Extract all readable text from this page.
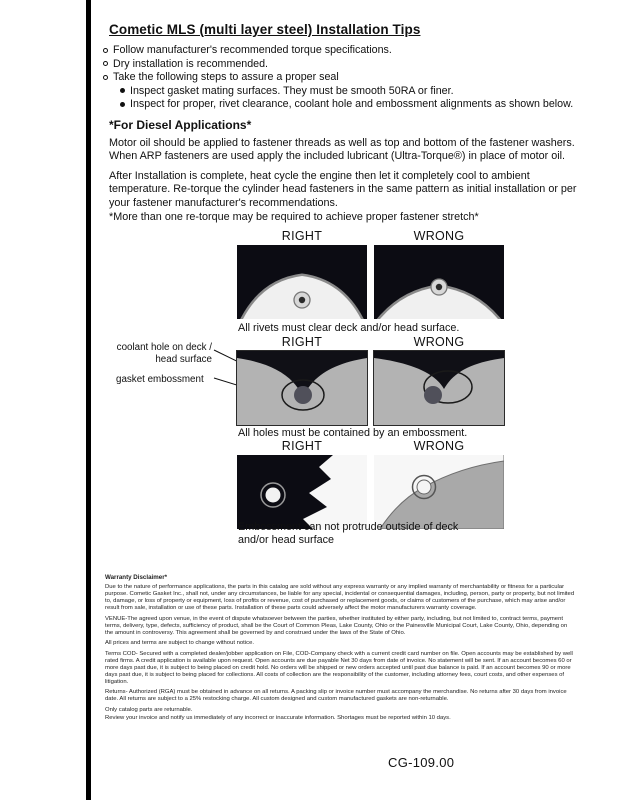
Cometic MLS (multi layer steel) Installation Tips
Follow manufacturer's recommended torque specifications.
Dry installation is recommended.
Take the following steps to assure a proper seal
Inspect gasket mating surfaces. They must be smooth 50RA or finer.
Inspect for proper, rivet clearance, coolant hole and embossment alignments as shown below.
*For Diesel Applications*

Motor oil should be applied to fastener threads as well as top and bottom of the fastener washers. When ARP fasteners are used apply the included lubricant (Ultra-Torque®) in place of motor oil.

After Installation is complete, heat cycle the engine then let it completely cool to ambient temperature. Re-torque the cylinder head fasteners in the same pattern as initial installation or per your fastener manufacturer's recommendations.

*More than one re-torque may be required to achieve proper fastener stretch*

RIGHT	WRONG
All rivets must clear deck and/or head surface.
RIGHT	WRONG
coolant hole on deck / head surface
gasket embossment
All holes must be contained by an embossment.
RIGHT	WRONG
Embossment can not protrude outside of deck and/or head surface
Warranty Disclaimer*

Due to the nature of performance applications, the parts in this catalog are sold without any express warranty or any implied warranty of merchantability or fitness for a particular purpose. Cometic Gasket Inc., shall not, under any circumstances, be liable for any special, incidental or consequential damages, including, person, party or property, but not limited to, damage, or loss of property or equipment, loss of profits or revenue, cost of purchased or replacement goods, or claims of customers of the purchase, which may arise and/or result from sale, installation or use of these parts. Installation of these parts could adversely affect the motor manufacturers warranty coverage.

VENUE-The agreed upon venue, in the event of dispute whatsoever between the parties, whether instituted by either party, including, but not limited to, contract terms, payment terms, delivery, type, defects, sufficiency of product, shall be the Court of Common Pleas, Lake County, Ohio or the Painesville Municipal Court, Lake County, Ohio, depending on the amount in controversy. This agreement shall be governed by and construed under the laws of the State of Ohio.

All prices and terms are subject to change without notice.

Terms COD- Secured with a completed dealer/jobber application on File, COD-Company check with a current credit card number on file. Open accounts may be established by well rated firms. A credit application is available upon request. Open accounts are due payable Net 30 days from date of invoice. No statement will be sent. If an account becomes 60 or more days past due, it is subject to being placed on credit hold. No orders will be shipped or new orders accepted until past due balance is paid. If an account becomes 90 or more days past due, it is subject to being placed for collections. All costs of collection are the responsibility of the customer, including attorney fees, court costs, and other expenses of litigation.

Returns- Authorized (RGA) must be obtained in advance on all returns. A packing slip or invoice number must accompany the merchandise. No returns after 30 days from invoice date. All returns are subject to a 25% restocking charge. All custom designed and custom manufactured gaskets are non-returnable.

Only catalog parts are returnable.

Review your invoice and notify us immediately of any incorrect or inaccurate information. Shortages must be reported within 10 days.

CG-109.00
